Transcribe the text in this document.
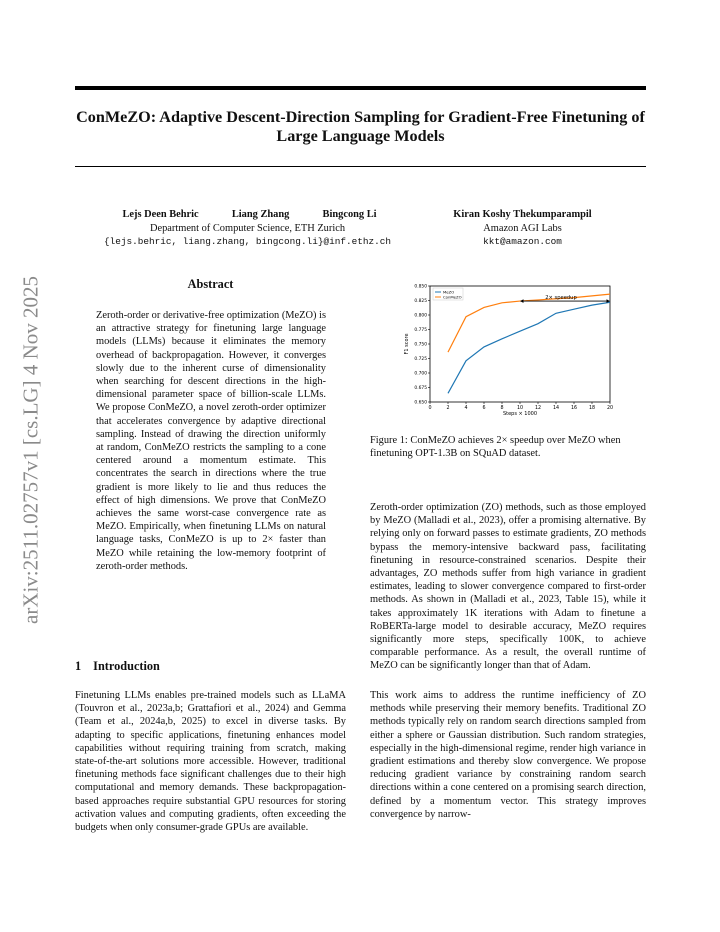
arXiv:2511.02757v1 [cs.LG] 4 Nov 2025
ConMeZO: Adaptive Descent-Direction Sampling for Gradient-Free Finetuning of Large Language Models
Lejs Deen Behric	Liang Zhang	Bingcong Li
Department of Computer Science, ETH Zurich
{lejs.behric, liang.zhang, bingcong.li}@inf.ethz.ch
Kiran Koshy Thekumparampil
Amazon AGI Labs
kkt@amazon.com
Abstract

Zeroth-order or derivative-free optimization (MeZO) is an attractive strategy for finetuning large language models (LLMs) because it eliminates the memory overhead of backpropagation. However, it converges slowly due to the inherent curse of dimensionality when searching for descent directions in the high-dimensional parameter space of billion-scale LLMs. We propose ConMeZO, a novel zeroth-order optimizer that accelerates convergence by adaptive directional sampling. Instead of drawing the direction uniformly at random, ConMeZO restricts the sampling to a cone centered around a momentum estimate. This concentrates the search in directions where the true gradient is more likely to lie and thus reduces the effect of high dimensions. We prove that ConMeZO achieves the same worst-case convergence rate as MeZO. Empirically, when finetuning LLMs on natural language tasks, ConMeZO is up to 2× faster than MeZO while retaining the low-memory footprint of zeroth-order methods.

1 Introduction

Finetuning LLMs enables pre-trained models such as LLaMA (Touvron et al., 2023a,b; Grattafiori et al., 2024) and Gemma (Team et al., 2024a,b, 2025) to excel in diverse tasks. By adapting to specific applications, finetuning enhances model capabilities without requiring training from scratch, making state-of-the-art solutions more accessible. However, traditional finetuning methods face significant challenges due to their high computational and memory demands. These backpropagation-based approaches require substantial GPU resources for storing activation values and computing gradients, often exceeding the budgets when only consumer-grade GPUs are available.

Zeroth-order optimization (ZO) methods, such as those employed by MeZO (Malladi et al., 2023), offer a promising alternative. By relying only on forward passes to estimate gradients, ZO methods bypass the memory-intensive backward pass, facilitating finetuning in resource-constrained scenarios. Despite their advantages, ZO methods suffer from high variance in gradient estimates, leading to slower convergence compared to first-order methods. As shown in (Malladi et al., 2023, Table 15), while it takes approximately 1K iterations with Adam to finetune a RoBERTa-large model to desirable accuracy, MeZO requires significantly more steps, specifically 100K, to achieve comparable performance. As a result, the overall runtime of MeZO can be significantly longer than that of Adam.

This work aims to address the runtime inefficiency of ZO methods while preserving their memory benefits. Traditional ZO methods typically rely on random search directions sampled from either a sphere or Gaussian distribution. Such random strategies, especially in the high-dimensional regime, render high variance in gradient estimations and thereby slow convergence. We propose reducing gradient variance by constraining random search directions within a cone centered on a promising search direction, defined by a momentum vector. This strategy improves convergence by narrow-

0.650
0.675
0.700
0.725
0.750
0.775
0.800
0.825
0.850
0	2	4	6	8	10 12 14 16 18 20
2× speedup
MeZO
ConMeZO
Steps × 1000
F1 score

Figure 1: ConMeZO achieves 2× speedup over MeZO when finetuning OPT-1.3B on SQuAD dataset.
